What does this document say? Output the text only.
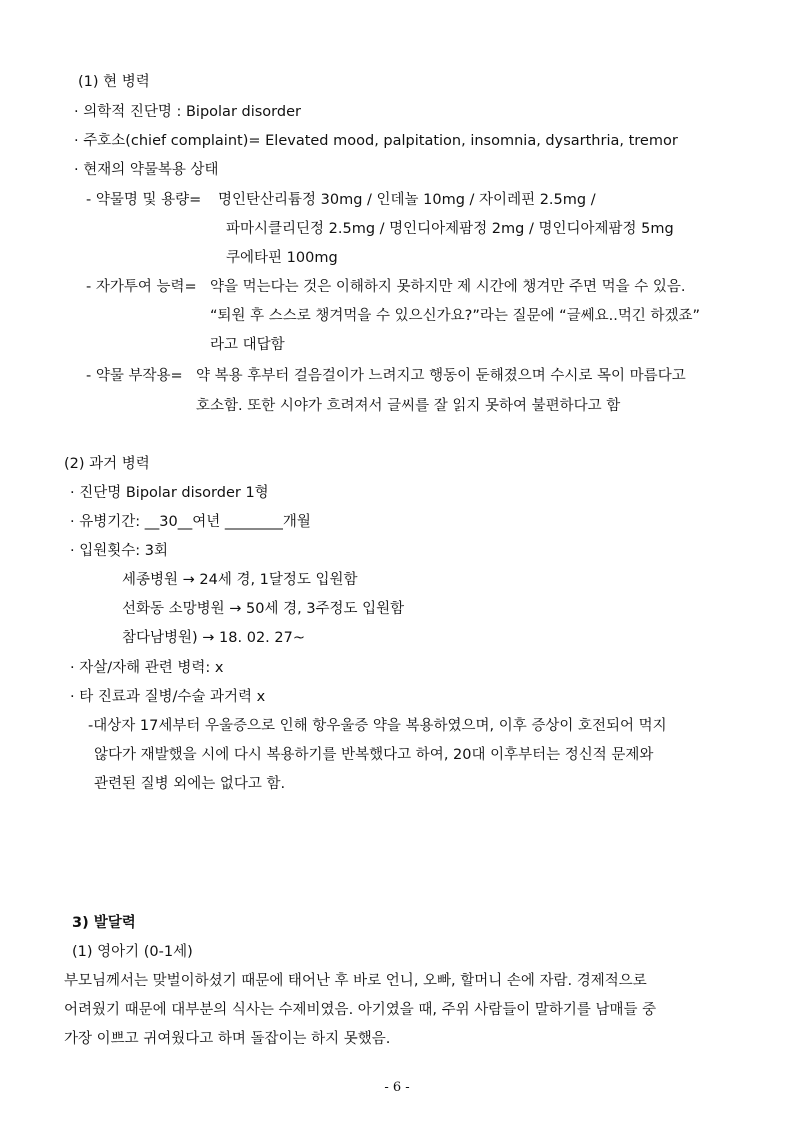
(1) 현 병력
· 의학적 진단명 : Bipolar disorder
· 주호소(chief complaint)= Elevated mood, palpitation, insomnia, dysarthria, tremor
· 현재의 약물복용 상태
- 약물명 및 용량= 명인탄산리튬정 30mg / 인데놀 10mg / 자이레핀 2.5mg /
파마시클리딘정 2.5mg / 명인디아제팜정 2mg / 명인디아제팜정 5mg
쿠에타핀 100mg
- 자가투여 능력= 약을 먹는다는 것은 이해하지 못하지만 제 시간에 챙겨만 주면 먹을 수 있음.
“퇴원 후 스스로 챙겨먹을 수 있으신가요?”라는 질문에 “글쎄요..먹긴 하겠죠”
라고 대답함
- 약물 부작용= 약 복용 후부터 걸음걸이가 느려지고 행동이 둔해졌으며 수시로 목이 마름다고
호소함. 또한 시야가 흐려져서 글씨를 잘 읽지 못하여 불편하다고 함
(2) 과거 병력
· 진단명 Bipolar disorder 1형
· 유병기간: __30__여년 ________개월
· 입원횟수: 3회
세종병원 → 24세 경, 1달정도 입원함
선화동 소망병원 → 50세 경, 3주정도 입원함
참다남병원) → 18. 02. 27~
· 자살/자해 관련 병력: x
· 타 진료과 질병/수술 과거력 x
-대상자 17세부터 우울증으로 인해 항우울증 약을 복용하였으며, 이후 증상이 호전되어 먹지
않다가 재발했을 시에 다시 복용하기를 반복했다고 하여, 20대 이후부터는 정신적 문제와
관련된 질병 외에는 없다고 함.
3) 발달력
(1) 영아기 (0-1세)
부모님께서는 맞벌이하셨기 때문에 태어난 후 바로 언니, 오빠, 할머니 손에 자람. 경제적으로
어려웠기 때문에 대부분의 식사는 수제비였음. 아기였을 때, 주위 사람들이 말하기를 남매들 중
가장 이쁘고 귀여웠다고 하며 돌잡이는 하지 못했음.
- 6 -
